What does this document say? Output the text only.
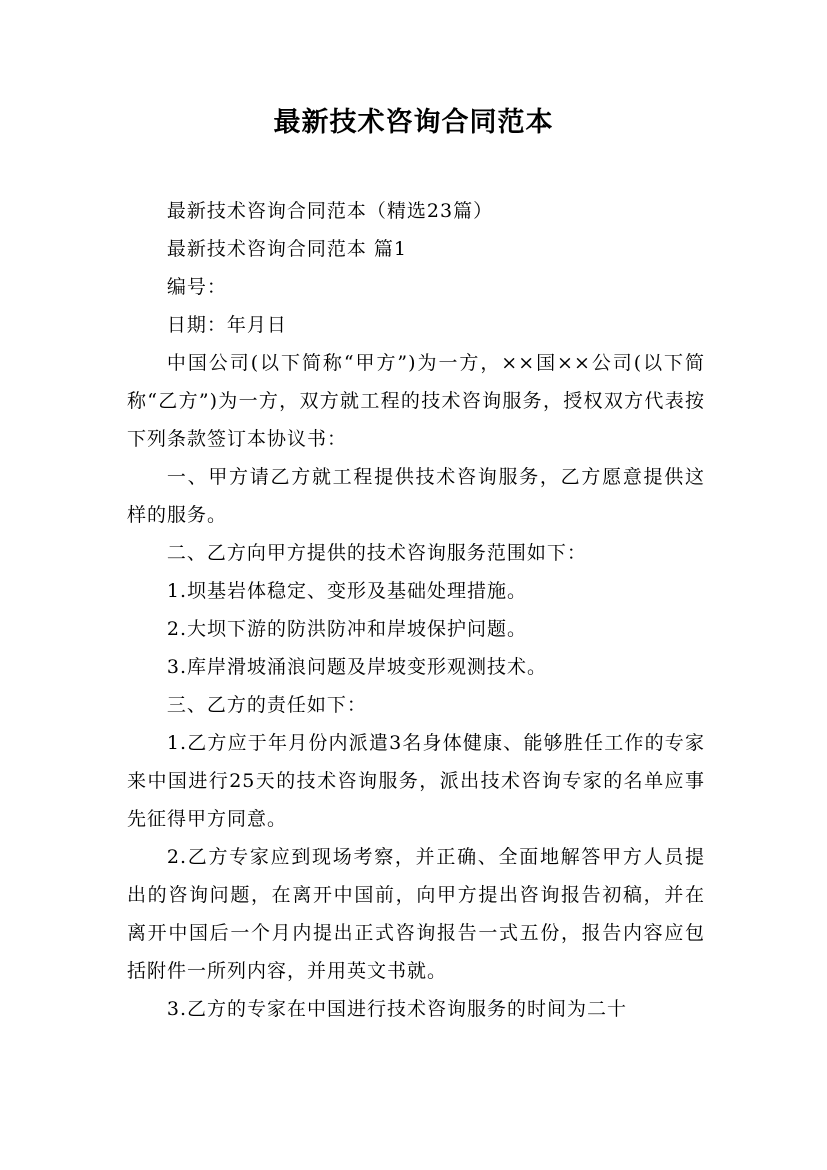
最新技术咨询合同范本

最新技术咨询合同范本（精选23篇）

最新技术咨询合同范本 篇1

编号：

日期：年月日

中国公司(以下简称“甲方”)为一方，××国××公司(以下简称“乙方”)为一方，双方就工程的技术咨询服务，授权双方代表按下列条款签订本协议书：

一、甲方请乙方就工程提供技术咨询服务，乙方愿意提供这样的服务。

二、乙方向甲方提供的技术咨询服务范围如下：

1.坝基岩体稳定、变形及基础处理措施。

2.大坝下游的防洪防冲和岸坡保护问题。

3.库岸滑坡涌浪问题及岸坡变形观测技术。

三、乙方的责任如下：

1.乙方应于年月份内派遣3名身体健康、能够胜任工作的专家来中国进行25天的技术咨询服务，派出技术咨询专家的名单应事先征得甲方同意。

2.乙方专家应到现场考察，并正确、全面地解答甲方人员提出的咨询问题，在离开中国前，向甲方提出咨询报告初稿，并在离开中国后一个月内提出正式咨询报告一式五份，报告内容应包括附件一所列内容，并用英文书就。

3.乙方的专家在中国进行技术咨询服务的时间为二十
